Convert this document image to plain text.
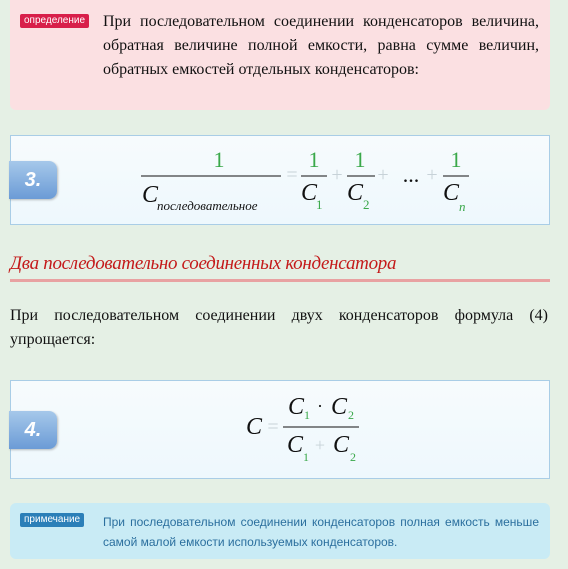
определение При последовательном соединении конденсаторов величина, обратная величине полной емкости, равна сумме величин, обратных емкостей отдельных конденсаторов:

3.
1
C
последовательное
=
1
C
1
+
1
C 2
+ ... +
1
C
n
Два последовательно соединенных конденсатора

При последовательном соединении двух конденсаторов формула (4) упрощается:

4.	C =
C 1 · C 2
C 1
+ C 2
примечание	При последовательном соединении конденсаторов полная емкость меньше самой малой емкости используемых конденсаторов.
